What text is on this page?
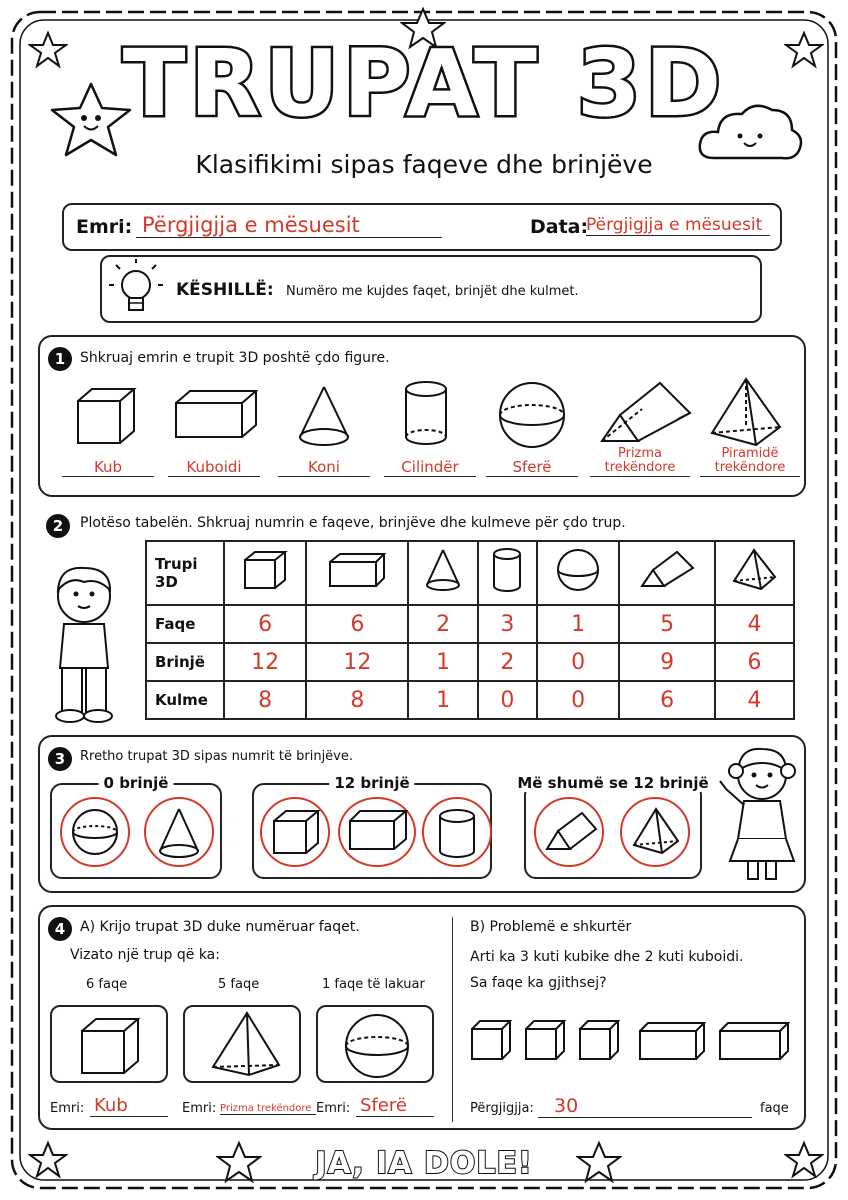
TRUPAT 3D
Klasifikimi sipas faqeve dhe brinjëve
Emri: Përgjigjja e mësuesit	Data:
Përgjigjja e mësuesit
KËSHILLË: Numëro me kujdes faqet, brinjët dhe kulmet.
1	Shkruaj emrin e trupit 3D poshtë çdo figure.
Kub	Kuboidi	Koni	Cilindër	Sferë
Prizma trekëndore
Piramidë trekëndore
2	Plotëso tabelën. Shkruaj numrin e faqeve, brinjëve dhe kulmeve për çdo trup.
Trupi 3D							
Faqe	6	6	2	3	1	5	4
Brinjë	12	12	1	2	0	9	6
Kulme	8	8	1	0	0	6	4
3	Rretho trupat 3D sipas numrit të brinjëve.
0 brinjë	12 brinjë	Më shumë se 12 brinjë
4	A) Krijo trupat 3D duke numëruar faqet.
Vizato një trup që ka:
6 faqe	5 faqe	1 faqe të lakuar
Emri: Kub	Emri: Prizma trekëndore Emri: Sferë
B) Problemë e shkurtër
Arti ka 3 kuti kubike dhe 2 kuti kuboidi.
Sa faqe ka gjithsej?
Përgjigjja:	30	faqe
JA, IA DOLE!
